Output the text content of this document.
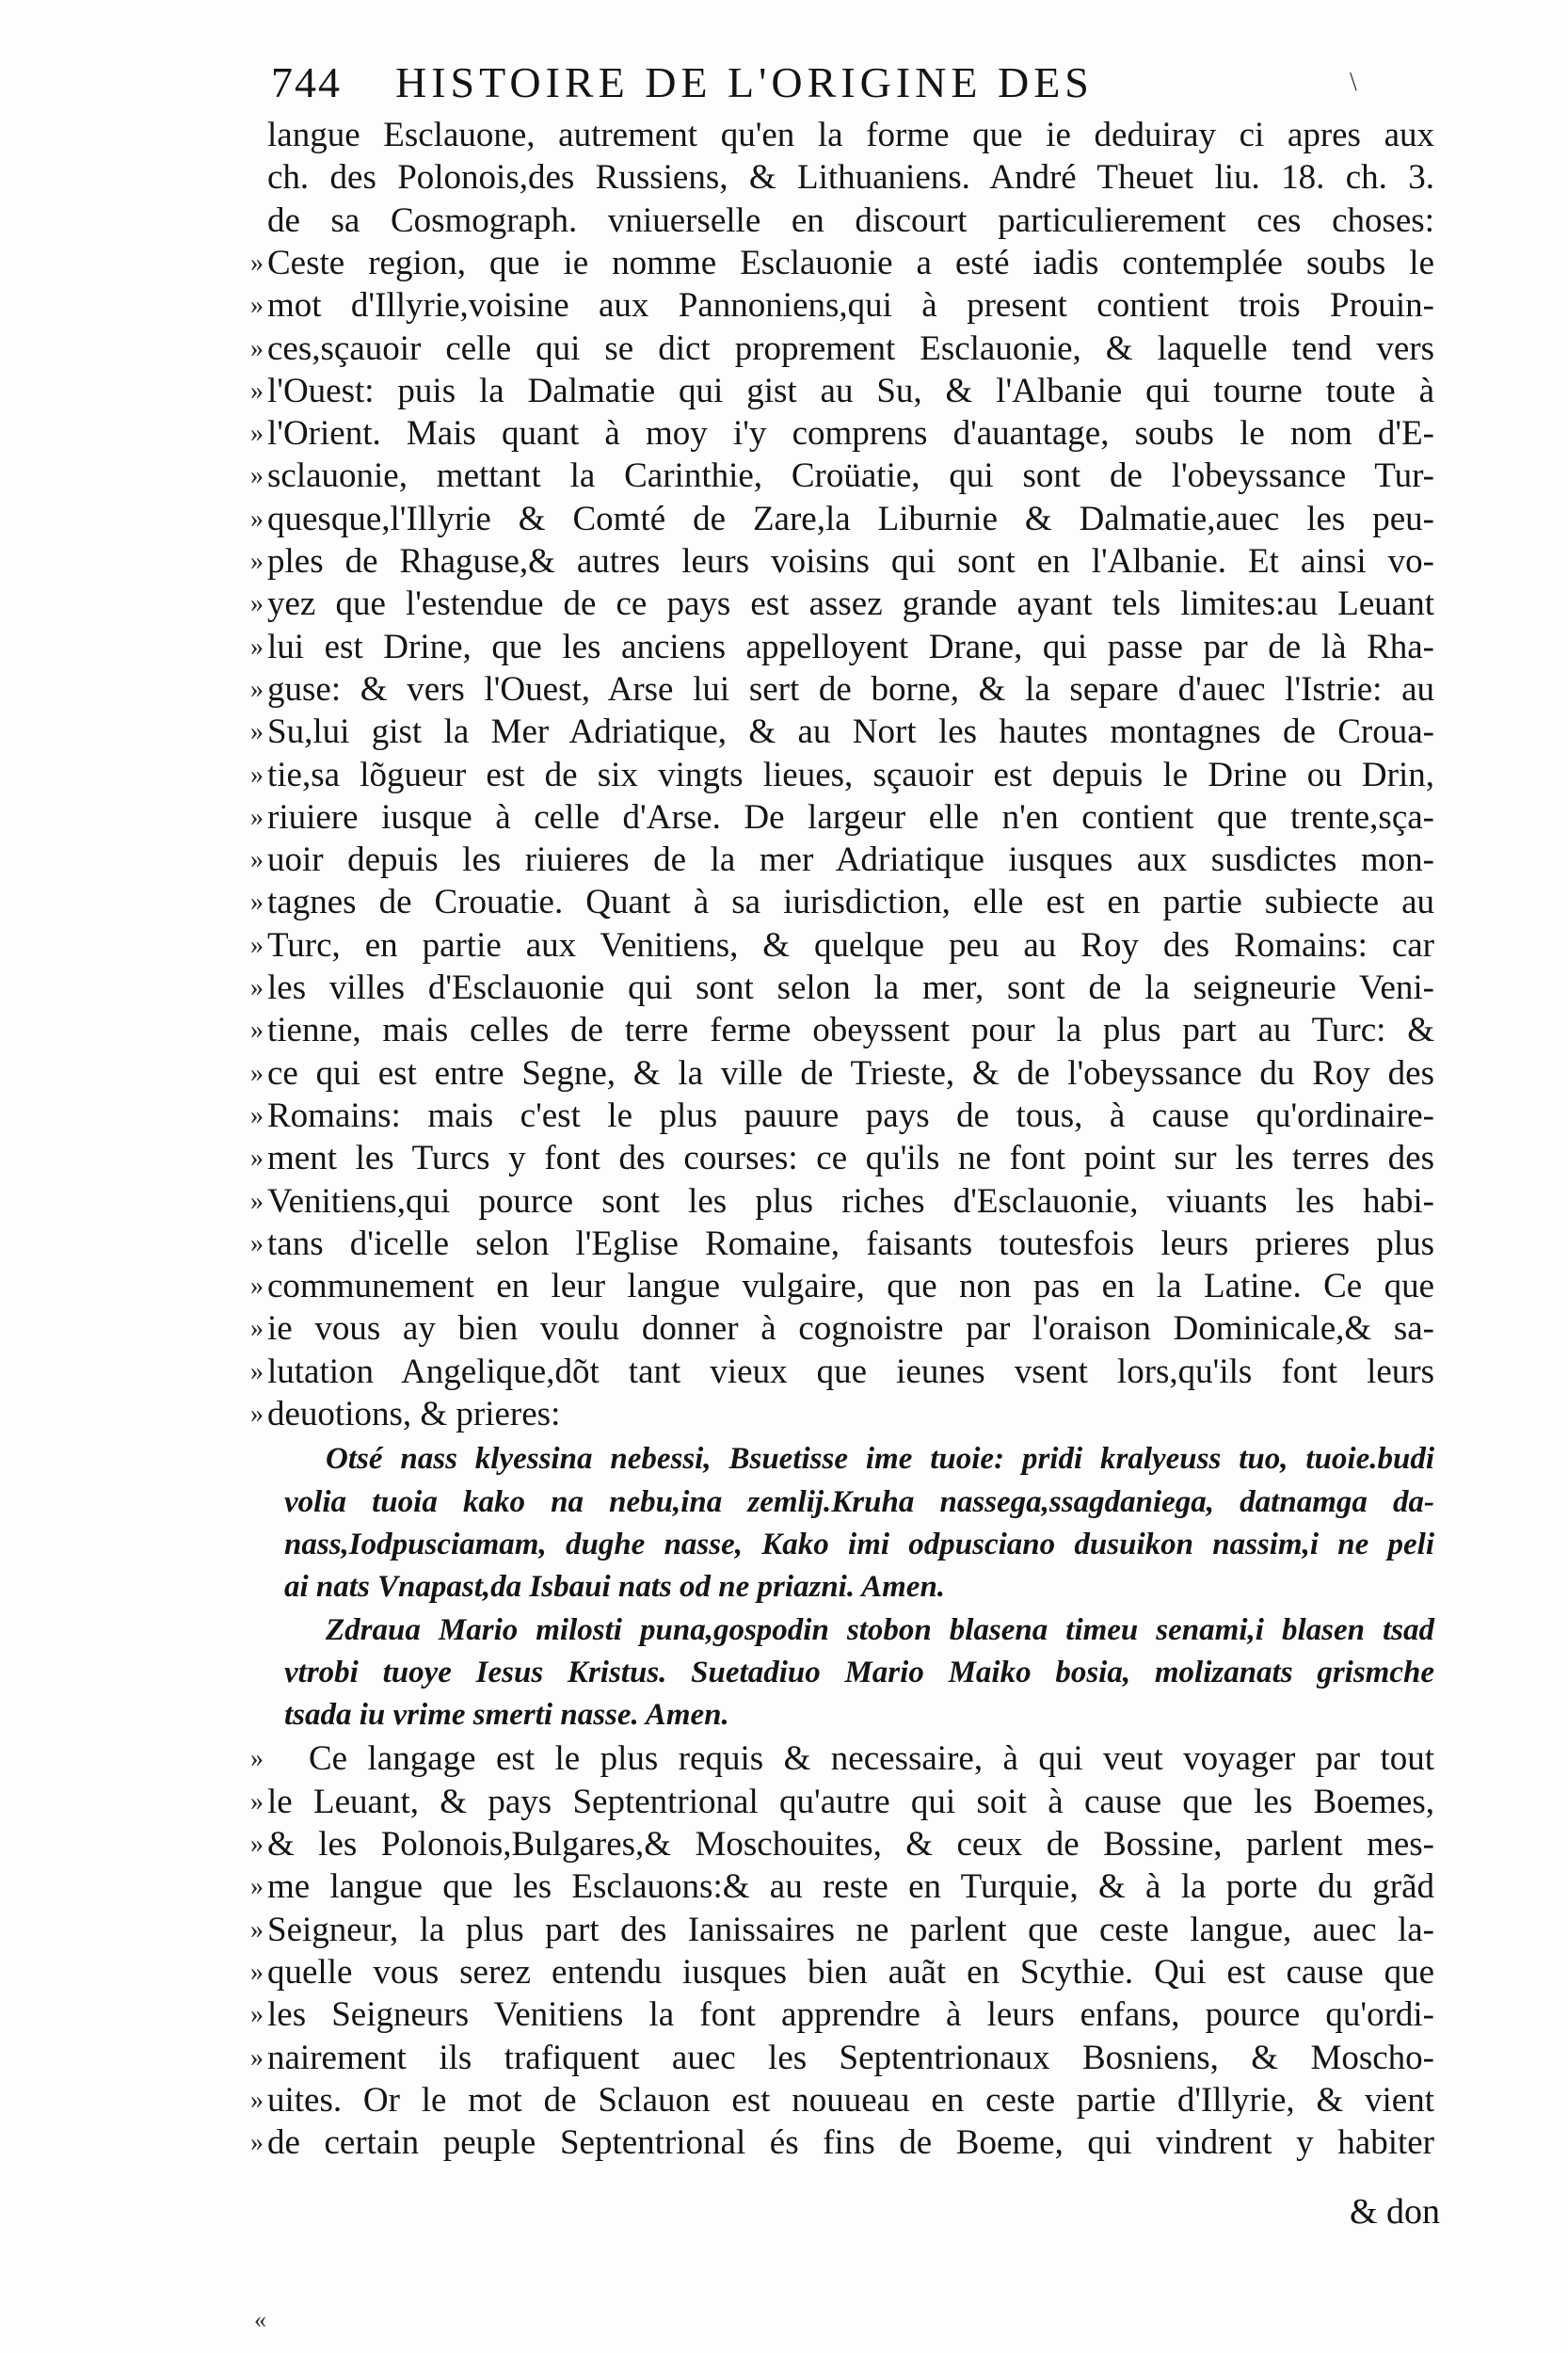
744 HISTOIRE DE L'ORIGINE DES	\
langue Esclauone, autrement qu'en la forme que ie deduiray ci apres aux
ch. des Polonois,des Russiens, & Lithuaniens. André Theuet liu. 18. ch. 3.
de sa Cosmograph. vniuerselle en discourt particulierement ces choses:
» Ceste region, que ie nomme Esclauonie a esté iadis contemplée soubs le
» mot d'Illyrie,voisine aux Pannoniens,qui à present contient trois Prouin-
» ces,sçauoir celle qui se dict proprement Esclauonie, & laquelle tend vers
» l'Ouest: puis la Dalmatie qui gist au Su, & l'Albanie qui tourne toute à
» l'Orient. Mais quant à moy i'y comprens d'auantage, soubs le nom d'E-
» sclauonie, mettant la Carinthie, Croüatie, qui sont de l'obeyssance Tur-
» quesque,l'Illyrie & Comté de Zare,la Liburnie & Dalmatie,auec les peu-
» ples de Rhaguse,& autres leurs voisins qui sont en l'Albanie. Et ainsi vo-
» yez que l'estendue de ce pays est assez grande ayant tels limites:au Leuant
» lui est Drine, que les anciens appelloyent Drane, qui passe par de là Rha-
» guse: & vers l'Ouest, Arse lui sert de borne, & la separe d'auec l'Istrie: au
» Su,lui gist la Mer Adriatique, & au Nort les hautes montagnes de Croua-
» tie,sa lõgueur est de six vingts lieues, sçauoir est depuis le Drine ou Drin,
» riuiere iusque à celle d'Arse. De largeur elle n'en contient que trente,sça-
» uoir depuis les riuieres de la mer Adriatique iusques aux susdictes mon-
» tagnes de Crouatie. Quant à sa iurisdiction, elle est en partie subiecte au
» Turc, en partie aux Venitiens, & quelque peu au Roy des Romains: car
» les villes d'Esclauonie qui sont selon la mer, sont de la seigneurie Veni-
» tienne, mais celles de terre ferme obeyssent pour la plus part au Turc: &
» ce qui est entre Segne, & la ville de Trieste, & de l'obeyssance du Roy des
» Romains: mais c'est le plus pauure pays de tous, à cause qu'ordinaire-
» ment les Turcs y font des courses: ce qu'ils ne font point sur les terres des
» Venitiens,qui pource sont les plus riches d'Esclauonie, viuants les habi-
» tans d'icelle selon l'Eglise Romaine, faisants toutesfois leurs prieres plus
» communement en leur langue vulgaire, que non pas en la Latine. Ce que
» ie vous ay bien voulu donner à cognoistre par l'oraison Dominicale,& sa-
» lutation Angelique,dõt tant vieux que ieunes vsent lors,qu'ils font leurs
» deuotions, & prieres:
Otsé nass klyessina nebessi, Bsuetisse ime tuoie: pridi kralyeuss tuo, tuoie.budi
volia tuoia kako na nebu,ina zemlij.Kruha nassega,ssagdaniega, datnamga da-
nass,Iodpusciamam, dughe nasse, Kako imi odpusciano dusuikon nassim,i ne peli
ai nats Vnapast,da Isbaui nats od ne priazni. Amen.
Zdraua Mario milosti puna,gospodin stobon blasena timeu senami,i blasen tsad
vtrobi tuoye Iesus Kristus. Suetadiuo Mario Maiko bosia, molizanats grismche
tsada iu vrime smerti nasse. Amen.
»	Ce langage est le plus requis & necessaire, à qui veut voyager par tout
» le Leuant, & pays Septentrional qu'autre qui soit à cause que les Boemes,
» & les Polonois,Bulgares,& Moschouites, & ceux de Bossine, parlent mes-
» me langue que les Esclauons:& au reste en Turquie, & à la porte du grãd
» Seigneur, la plus part des Ianissaires ne parlent que ceste langue, auec la-
» quelle vous serez entendu iusques bien auãt en Scythie. Qui est cause que
» les Seigneurs Venitiens la font apprendre à leurs enfans, pource qu'ordi-
» nairement ils trafiquent auec les Septentrionaux Bosniens, & Moscho-
» uites. Or le mot de Sclauon est nouueau en ceste partie d'Illyrie, & vient
» de certain peuple Septentrional és fins de Boeme, qui vindrent y habiter
& don
«
